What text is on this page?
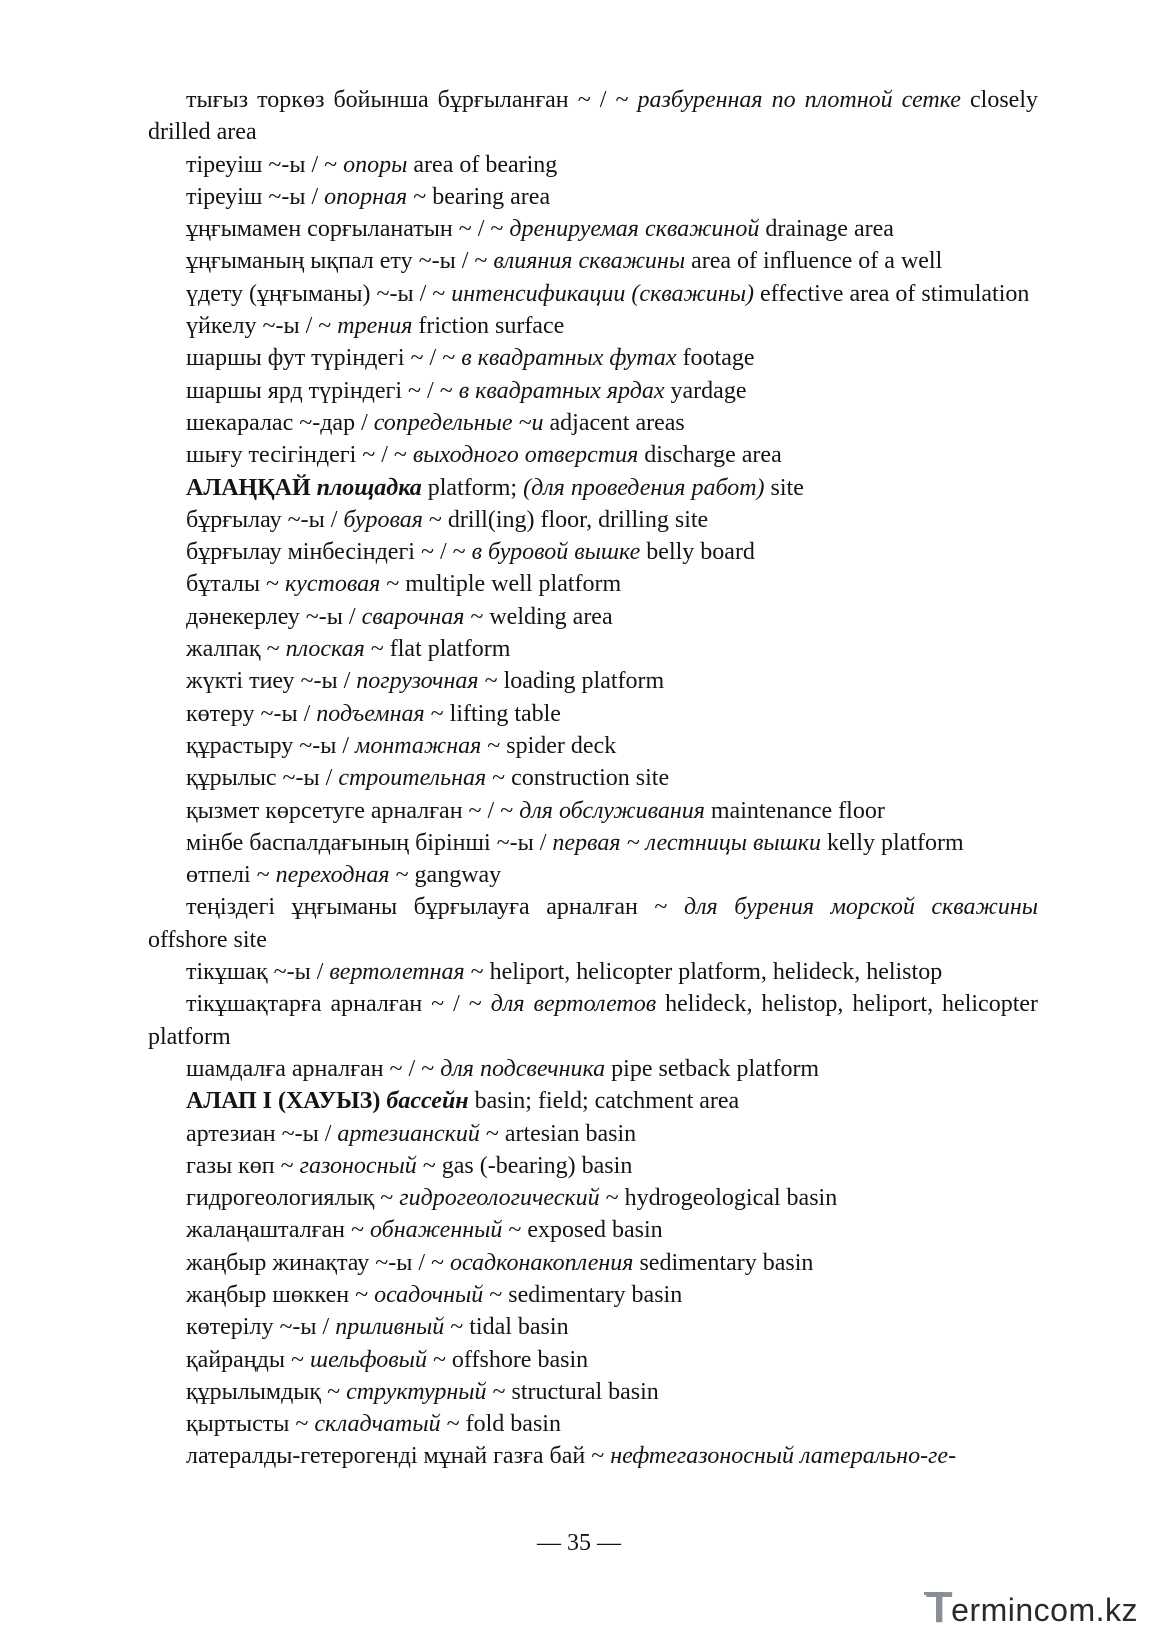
тығыз торкөз бойынша бұрғыланған ~ / ~ разбуренная по плотной сетке closely drilled area

тіреуіш ~-ы / ~ опоры area of bearing

тіреуіш ~-ы / опорная ~ bearing area

ұңғымамен сорғыланатын ~ / ~ дренируемая скважиной drainage area

ұңғыманың ықпал ету ~-ы / ~ влияния скважины area of influence of a well

үдету (ұңғыманы) ~-ы / ~ интенсификации (скважины) effective area of stimulation

үйкелу ~-ы / ~ трения friction surface

шаршы фут түріндегі ~ / ~ в квадратных футах footage

шаршы ярд түріндегі ~ / ~ в квадратных ярдах yardage

шекаралас ~-дар / сопредельные ~и adjacent areas

шығу тесігіндегі ~ / ~ выходного отверстия discharge area

АЛАҢҚАЙ площадка platform; (для проведения работ) site

бұрғылау ~-ы / буровая ~ drill(ing) floor, drilling site

бұрғылау мінбесіндегі ~ / ~ в буровой вышке belly board

бұталы ~ кустовая ~ multiple well platform

дәнекерлеу ~-ы / сварочная ~ welding area

жалпақ ~ плоская ~ flat platform

жүкті тиеу ~-ы / погрузочная ~ loading platform

көтеру ~-ы / подъемная ~ lifting table

құрастыру ~-ы / монтажная ~ spider deck

құрылыс ~-ы / строительная ~ construction site

қызмет көрсетуге арналған ~ / ~ для обслуживания maintenance floor

мінбе баспалдағының бірінші ~-ы / первая ~ лестницы вышки kelly platform

өтпелі ~ переходная ~ gangway

теңіздегі ұңғыманы бұрғылауға арналған ~ для бурения морской скважины offshore site

тікұшақ ~-ы / вертолетная ~ heliport, helicopter platform, helideck, helistop

тікұшақтарға арналған ~ / ~ для вертолетов helideck, helistop, heliport, helicopter platform

шамдалға арналған ~ / ~ для подсвечника pipe setback platform

АЛАП І (ХАУЫЗ) бассейн basin; field; catchment area

артезиан ~-ы / артезианский ~ artesian basin

газы көп ~ газоносный ~ gas (-bearing) basin

гидрогеологиялық ~ гидрогеологический ~ hydrogeological basin

жалаңашталған ~ обнаженный ~ exposed basin

жаңбыр жинақтау ~-ы / ~ осадконакопления sedimentary basin

жаңбыр шөккен ~ осадочный ~ sedimentary basin

көтерілу ~-ы / приливный ~ tidal basin

қайраңды ~ шельфовый ~ offshore basin

құрылымдық ~ структурный ~ structural basin

қыртысты ~ складчатый ~ fold basin

латералды-гетерогенді мұнай газға бай ~ нефтегазоносный латерально-ге-

— 35 —
T
ermincom.kz
